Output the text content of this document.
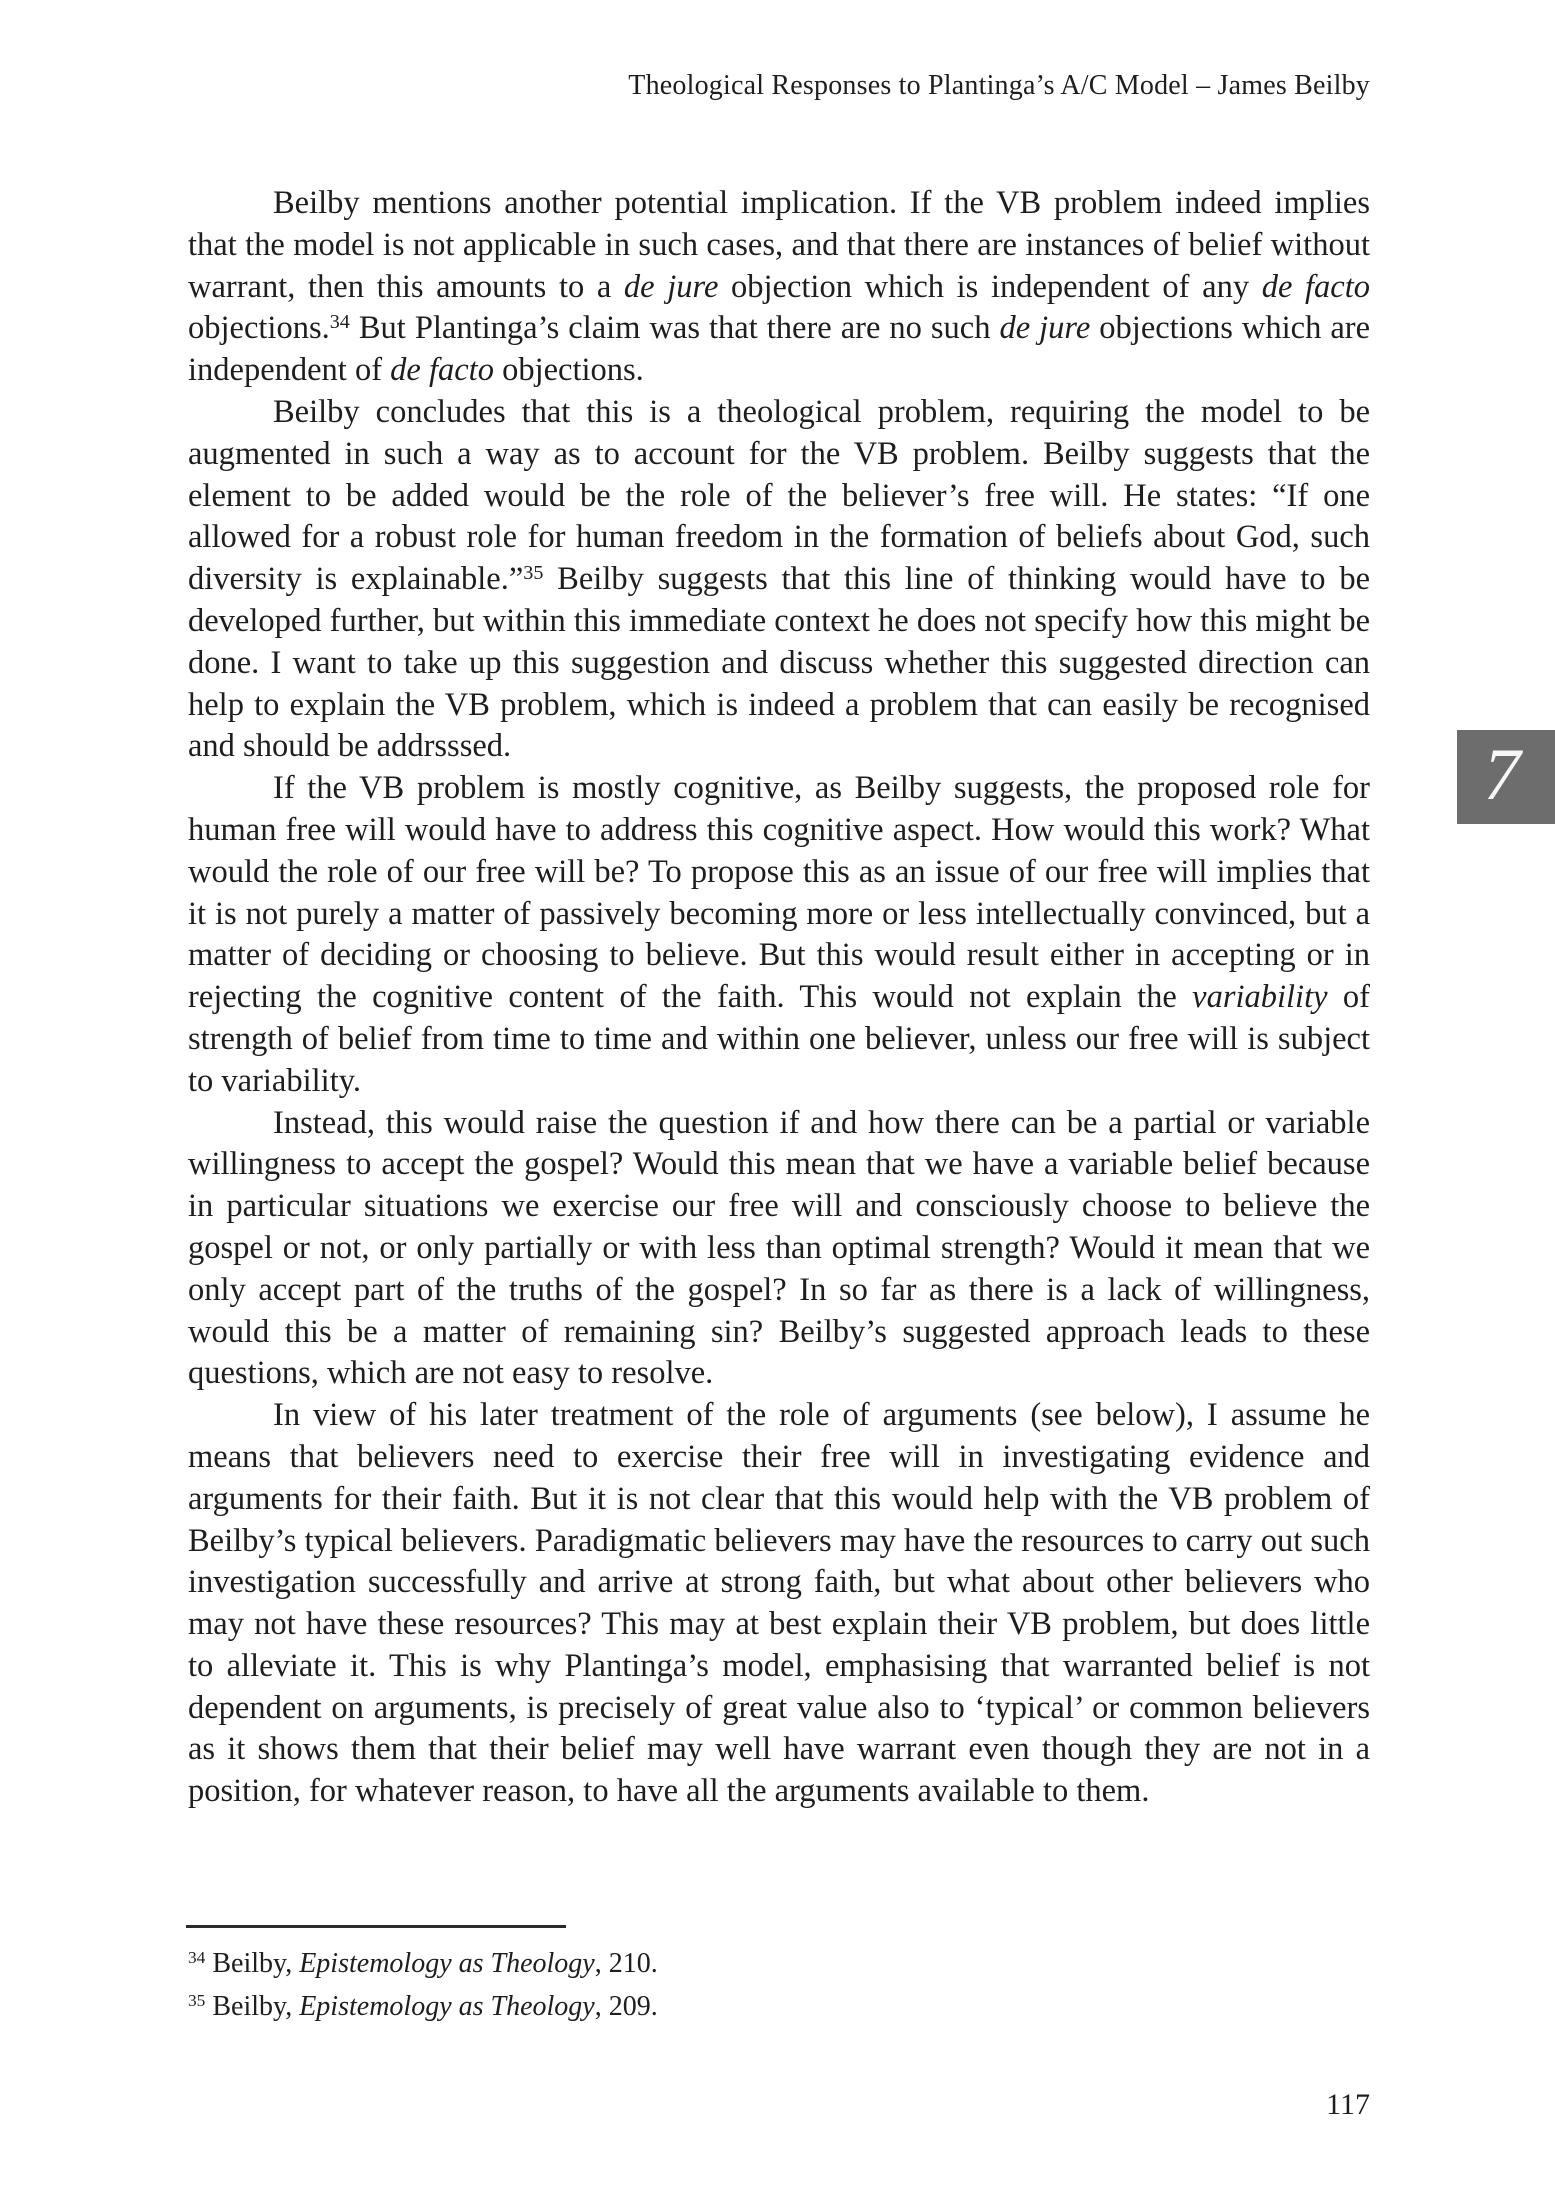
Theological Responses to Plantinga’s A/C Model – James Beilby
7

Beilby mentions another potential implication. If the VB problem indeed implies that the model is not applicable in such cases, and that there are instances of belief without warrant, then this amounts to a de jure objection which is independent of any de facto objections.$^{34}$ But Plantinga’s claim was that there are no such de jure objections which are independent of de facto objections.

Beilby concludes that this is a theological problem, requiring the model to be augmented in such a way as to account for the VB problem. Beilby suggests that the element to be added would be the role of the believer’s free will. He states: “If one allowed for a robust role for human freedom in the formation of beliefs about God, such diversity is explainable.”$^{35}$ Beilby suggests that this line of thinking would have to be developed further, but within this immediate context he does not specify how this might be done. I want to take up this suggestion and discuss whether this suggested direction can help to explain the VB problem, which is indeed a problem that can easily be recognised and should be addrsssed.

If the VB problem is mostly cognitive, as Beilby suggests, the proposed role for human free will would have to address this cognitive aspect. How would this work? What would the role of our free will be? To propose this as an issue of our free will implies that it is not purely a matter of passively becoming more or less intellectually convinced, but a matter of deciding or choosing to believe. But this would result either in accepting or in rejecting the cognitive content of the faith. This would not explain the variability of strength of belief from time to time and within one believer, unless our free will is subject to variability.

Instead, this would raise the question if and how there can be a partial or variable willingness to accept the gospel? Would this mean that we have a variable belief because in particular situations we exercise our free will and consciously choose to believe the gospel or not, or only partially or with less than optimal strength? Would it mean that we only accept part of the truths of the gospel? In so far as there is a lack of willingness, would this be a matter of remaining sin? Beilby’s suggested approach leads to these questions, which are not easy to resolve.

In view of his later treatment of the role of arguments (see below), I assume he means that believers need to exercise their free will in investigating evidence and arguments for their faith. But it is not clear that this would help with the VB problem of Beilby’s typical believers. Paradigmatic believers may have the resources to carry out such investigation successfully and arrive at strong faith, but what about other believers who may not have these resources? This may at best explain their VB problem, but does little to alleviate it. This is why Plantinga’s model, emphasising that warranted belief is not dependent on arguments, is precisely of great value also to ‘typical’ or common believers as it shows them that their belief may well have warrant even though they are not in a position, for whatever reason, to have all the arguments available to them.

$^{34}$ Beilby, Epistemology as Theology, 210.

$^{35}$ Beilby, Epistemology as Theology, 209.

117
